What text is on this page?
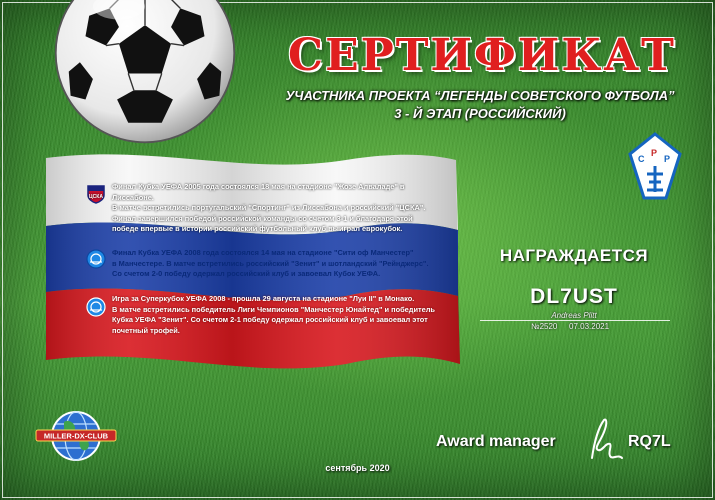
СЕРТИФИКАТ
УЧАСТНИКА ПРОЕКТА “ЛЕГЕНДЫ СОВЕТСКОГО ФУТБОЛА”
3 - Й ЭТАП (РОССИЙСКИЙ)
ЦСКА
Финал Кубка УЕФА 2005 года состоялся 18 мая на стадионе "Жозе Алваладе" в Лиссабоне.
В матче встретились португальский "Спортинг" из Лиссабона и российский "ЦСКА".
Финал завершился победой российской команды со счетом 3-1 и благодаря этой
победе впервые в истории российский футбольный клуб выиграл еврокубок.
Финал Кубка УЕФА 2008 года состоялся 14 мая на стадионе "Сити оф Манчестер"
в Манчестере. В матче встретились российский "Зенит" и шотландский "Рейнджерс".
Со счетом 2-0 победу одержал российский клуб и завоевал Кубок УЕФА.
Игра за Суперкубок УЕФА 2008 - прошла 29 августа на стадионе "Луи II" в Монако.
В матче встретились победитель Лиги Чемпионов "Манчестер Юнайтед" и победитель
Кубка УЕФА "Зенит". Со счетом 2-1 победу одержал российский клуб и завоевал этот
почетный трофей.
С
Р
Р
НАГРАЖДАЕТСЯ
DL7UST
Andreas Plitt
№2520 07.03.2021
MILLER-DX-CLUB	Award manager	RQ7L
сентябрь 2020
